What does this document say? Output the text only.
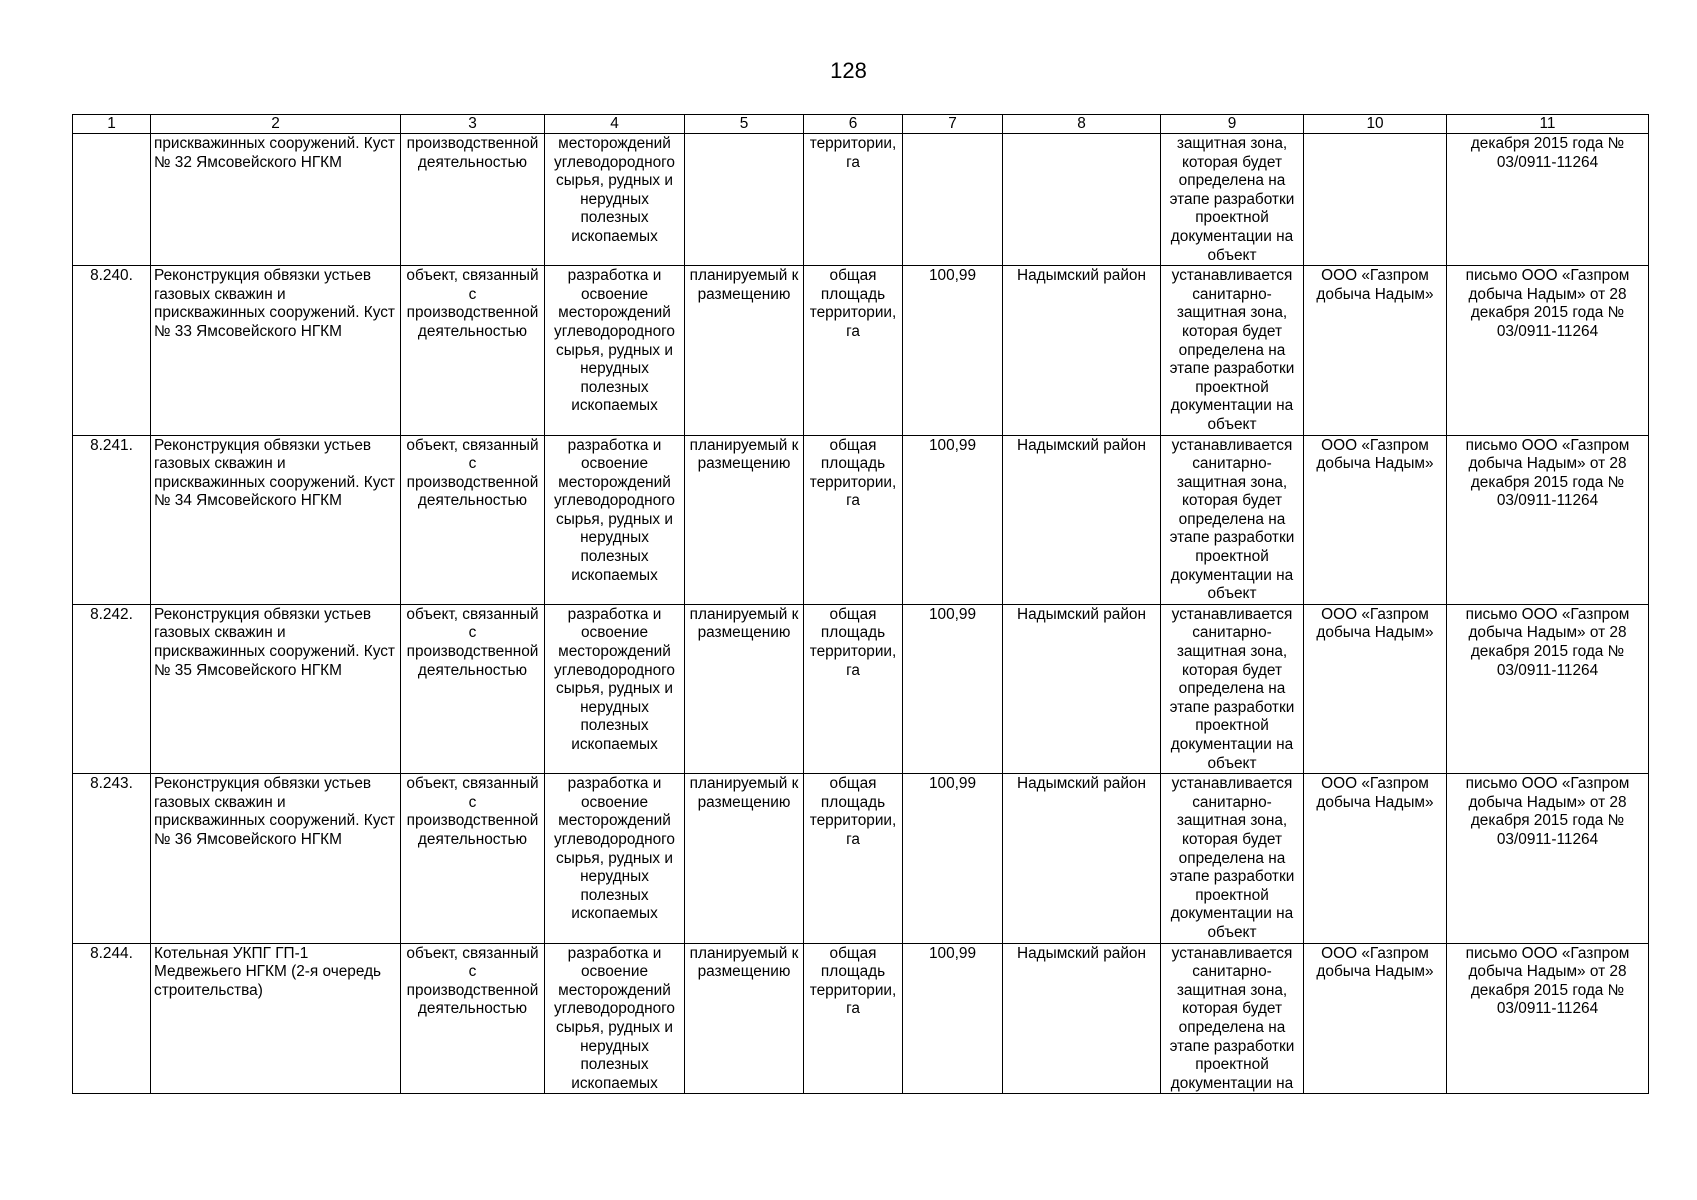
128
1	2	3	4	5	6	7	8	9	10	11
	прискважинных сооружений. Куст № 32 Ямсовейского НГКМ	производственной деятельностью	месторождений углеводородного сырья, рудных и нерудных полезных ископаемых		территории, га			защитная зона, которая будет определена на этапе разработки проектной документации на объект		декабря 2015 года № 03/0911-11264
8.240.	Реконструкция обвязки устьев газовых скважин и прискважинных сооружений. Куст № 33 Ямсовейского НГКМ	объект, связанный с производственной деятельностью	разработка и освоение месторождений углеводородного сырья, рудных и нерудных полезных ископаемых	планируемый к размещению	общая площадь территории, га	100,99	Надымский район	устанавливается санитарно-защитная зона, которая будет определена на этапе разработки проектной документации на объект	ООО «Газпром добыча Надым»	письмо ООО «Газпром добыча Надым» от 28 декабря 2015 года № 03/0911-11264
8.241.	Реконструкция обвязки устьев газовых скважин и прискважинных сооружений. Куст № 34 Ямсовейского НГКМ	объект, связанный с производственной деятельностью	разработка и освоение месторождений углеводородного сырья, рудных и нерудных полезных ископаемых	планируемый к размещению	общая площадь территории, га	100,99	Надымский район	устанавливается санитарно-защитная зона, которая будет определена на этапе разработки проектной документации на объект	ООО «Газпром добыча Надым»	письмо ООО «Газпром добыча Надым» от 28 декабря 2015 года № 03/0911-11264
8.242.	Реконструкция обвязки устьев газовых скважин и прискважинных сооружений. Куст № 35 Ямсовейского НГКМ	объект, связанный с производственной деятельностью	разработка и освоение месторождений углеводородного сырья, рудных и нерудных полезных ископаемых	планируемый к размещению	общая площадь территории, га	100,99	Надымский район	устанавливается санитарно-защитная зона, которая будет определена на этапе разработки проектной документации на объект	ООО «Газпром добыча Надым»	письмо ООО «Газпром добыча Надым» от 28 декабря 2015 года № 03/0911-11264
8.243.	Реконструкция обвязки устьев газовых скважин и прискважинных сооружений. Куст № 36 Ямсовейского НГКМ	объект, связанный с производственной деятельностью	разработка и освоение месторождений углеводородного сырья, рудных и нерудных полезных ископаемых	планируемый к размещению	общая площадь территории, га	100,99	Надымский район	устанавливается санитарно-защитная зона, которая будет определена на этапе разработки проектной документации на объект	ООО «Газпром добыча Надым»	письмо ООО «Газпром добыча Надым» от 28 декабря 2015 года № 03/0911-11264
8.244.	Котельная УКПГ ГП-1 Медвежьего НГКМ (2-я очередь строительства)	объект, связанный с производственной деятельностью	разработка и освоение месторождений углеводородного сырья, рудных и нерудных полезных ископаемых	планируемый к размещению	общая площадь территории, га	100,99	Надымский район	устанавливается санитарно-защитная зона, которая будет определена на этапе разработки проектной документации на	ООО «Газпром добыча Надым»	письмо ООО «Газпром добыча Надым» от 28 декабря 2015 года № 03/0911-11264
